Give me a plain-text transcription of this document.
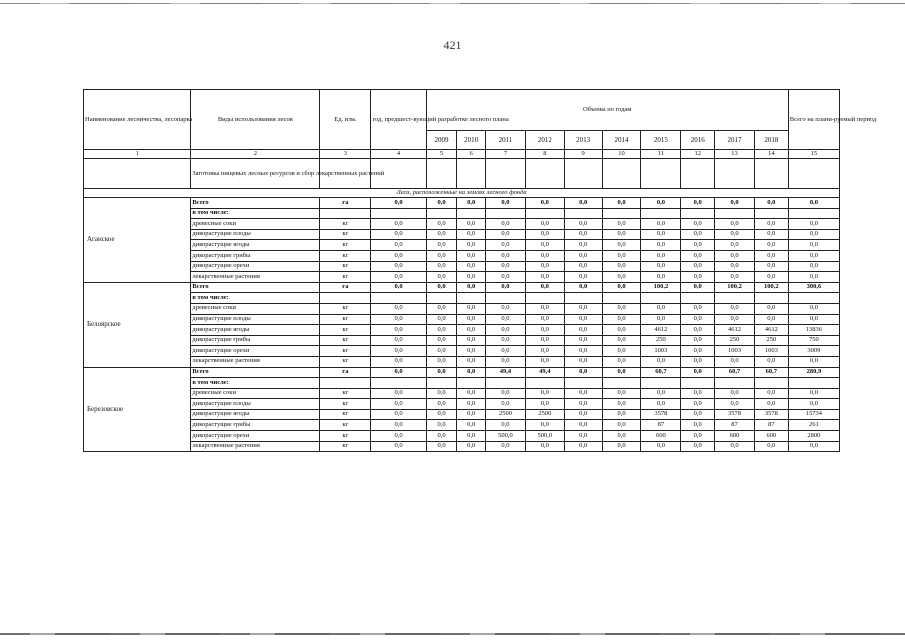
421
Наименование лесничества, лесопарка	Виды использования лесов	Ед. изм.	год, предшест-вующий разработке лесного плана	Объемы по годам										Всего на плани-руемый период
				2009	2010	2011	2012	2013	2014	2015	2016	2017	2018	
1	2	3	4	5	6	7	8	9	10	11	12	13	14	15
	Заготовка пищевых лесных ресурсов и сбор лекарственных растений													
Леса, расположенные на землях лесного фонда														
Аганское	Всего	га	0,0	0,0	0,0	0,0	0,0	0,0	0,0	0,0	0,0	0,0	0,0	0,0
	в том числе:													
	древесные соки	кг	0,0	0,0	0,0	0,0	0,0	0,0	0,0	0,0	0,0	0,0	0,0	0,0
	дикорастущие плоды	кг	0,0	0,0	0,0	0,0	0,0	0,0	0,0	0,0	0,0	0,0	0,0	0,0
	дикорастущие ягоды	кг	0,0	0,0	0,0	0,0	0,0	0,0	0,0	0,0	0,0	0,0	0,0	0,0
	дикорастущие грибы	кг	0,0	0,0	0,0	0,0	0,0	0,0	0,0	0,0	0,0	0,0	0,0	0,0
	дикорастущие орехи	кг	0,0	0,0	0,0	0,0	0,0	0,0	0,0	0,0	0,0	0,0	0,0	0,0
	лекарственные растения	кг	0,0	0,0	0,0	0,0	0,0	0,0	0,0	0,0	0,0	0,0	0,0	0,0
Белоярское	Всего	га	0,0	0,0	0,0	0,0	0,0	0,0	0,0	100,2	0,0	100,2	100,2	300,6
	в том числе:													
	древесные соки	кг	0,0	0,0	0,0	0,0	0,0	0,0	0,0	0,0	0,0	0,0	0,0	0,0
	дикорастущие плоды	кг	0,0	0,0	0,0	0,0	0,0	0,0	0,0	0,0	0,0	0,0	0,0	0,0
	дикорастущие ягоды	кг	0,0	0,0	0,0	0,0	0,0	0,0	0,0	4612	0,0	4612	4612	13836
	дикорастущие грибы	кг	0,0	0,0	0,0	0,0	0,0	0,0	0,0	250	0,0	250	250	750
	дикорастущие орехи	кг	0,0	0,0	0,0	0,0	0,0	0,0	0,0	1003	0,0	1003	1003	3009
	лекарственные растения	кг	0,0	0,0	0,0	0,0	0,0	0,0	0,0	0,0	0,0	0,0	0,0	0,0
Березовское	Всего	га	0,0	0,0	0,0	49,4	49,4	0,0	0,0	60,7	0,0	60,7	60,7	280,9
	в том числе:													
	древесные соки	кг	0,0	0,0	0,0	0,0	0,0	0,0	0,0	0,0	0,0	0,0	0,0	0,0
	дикорастущие плоды	кг	0,0	0,0	0,0	0,0	0,0	0,0	0,0	0,0	0,0	0,0	0,0	0,0
	дикорастущие ягоды	кг	0,0	0,0	0,0	2500	2500	0,0	0,0	3578	0,0	3578	3578	15734
	дикорастущие грибы	кг	0,0	0,0	0,0	0,0	0,0	0,0	0,0	87	0,0	87	87	261
	дикорастущие орехи	кг	0,0	0,0	0,0	500,0	500,0	0,0	0,0	600	0,0	600	600	2800
	лекарственные растения	кг	0,0	0,0	0,0	0,0	0,0	0,0	0,0	0,0	0,0	0,0	0,0	0,0
